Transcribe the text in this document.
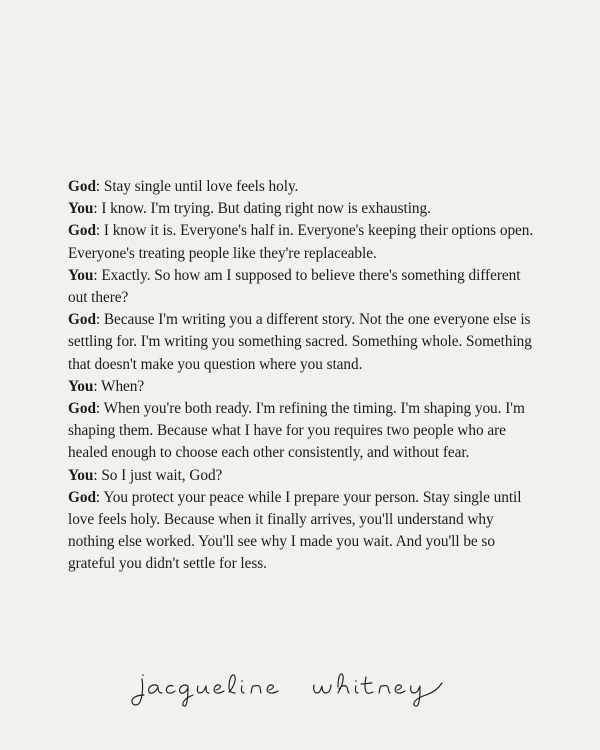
God: Stay single until love feels holy.

You: I know. I'm trying. But dating right now is exhausting.

God: I know it is. Everyone's half in. Everyone's keeping their options open. Everyone's treating people like they're replaceable.

You: Exactly. So how am I supposed to believe there's something different out there?

God: Because I'm writing you a different story. Not the one everyone else is settling for. I'm writing you something sacred. Something whole. Something that doesn't make you question where you stand.

You: When?

God: When you're both ready. I'm refining the timing. I'm shaping you. I'm shaping them. Because what I have for you requires two people who are healed enough to choose each other consistently, and without fear.

You: So I just wait, God?

God: You protect your peace while I prepare your person. Stay single until love feels holy. Because when it finally arrives, you'll understand why nothing else worked. You'll see why I made you wait. And you'll be so grateful you didn't settle for less.
